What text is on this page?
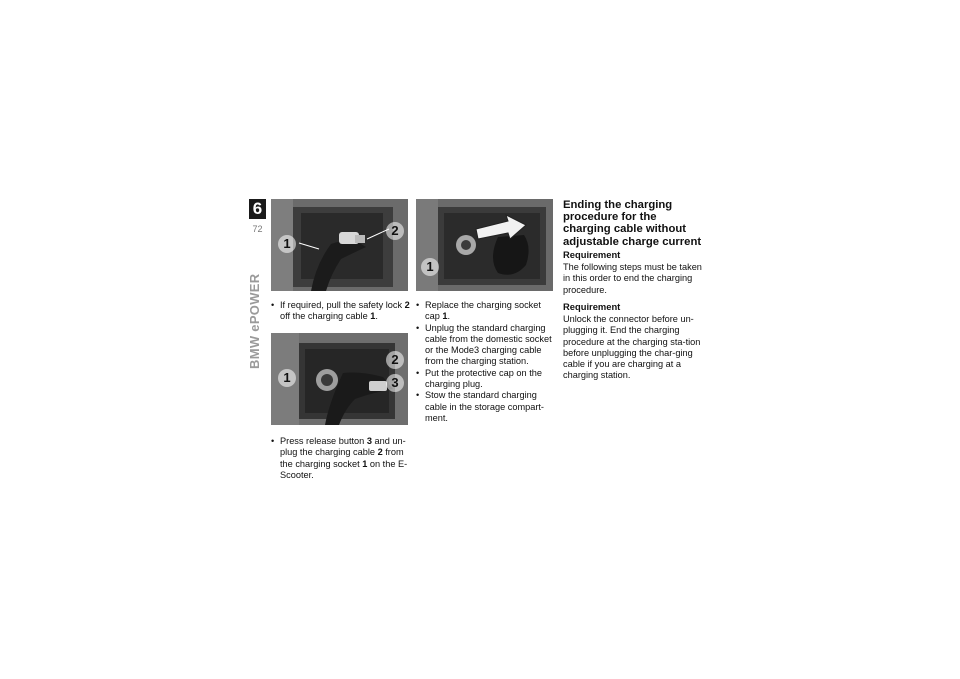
6
72
BMW ePOWER
1
2
• If required, pull the safety lock 2 off the charging cable 1.
1
2
3
• Press release button 3 and un-plug the charging cable 2 from the charging socket 1 on the E-Scooter.
1
• Replace the charging socket cap 1.
• Unplug the standard charging cable from the domestic socket or the Mode3 charging cable from the charging station.
• Put the protective cap on the charging plug.
• Stow the standard charging cable in the storage compart-ment.
Ending the charging procedure for the charging cable without adjustable charge current
Requirement

The following steps must be taken in this order to end the charging procedure.

Requirement

Unlock the connector before un-plugging it. End the charging procedure at the charging sta-tion before unplugging the char-ging cable if you are charging at a charging station.
